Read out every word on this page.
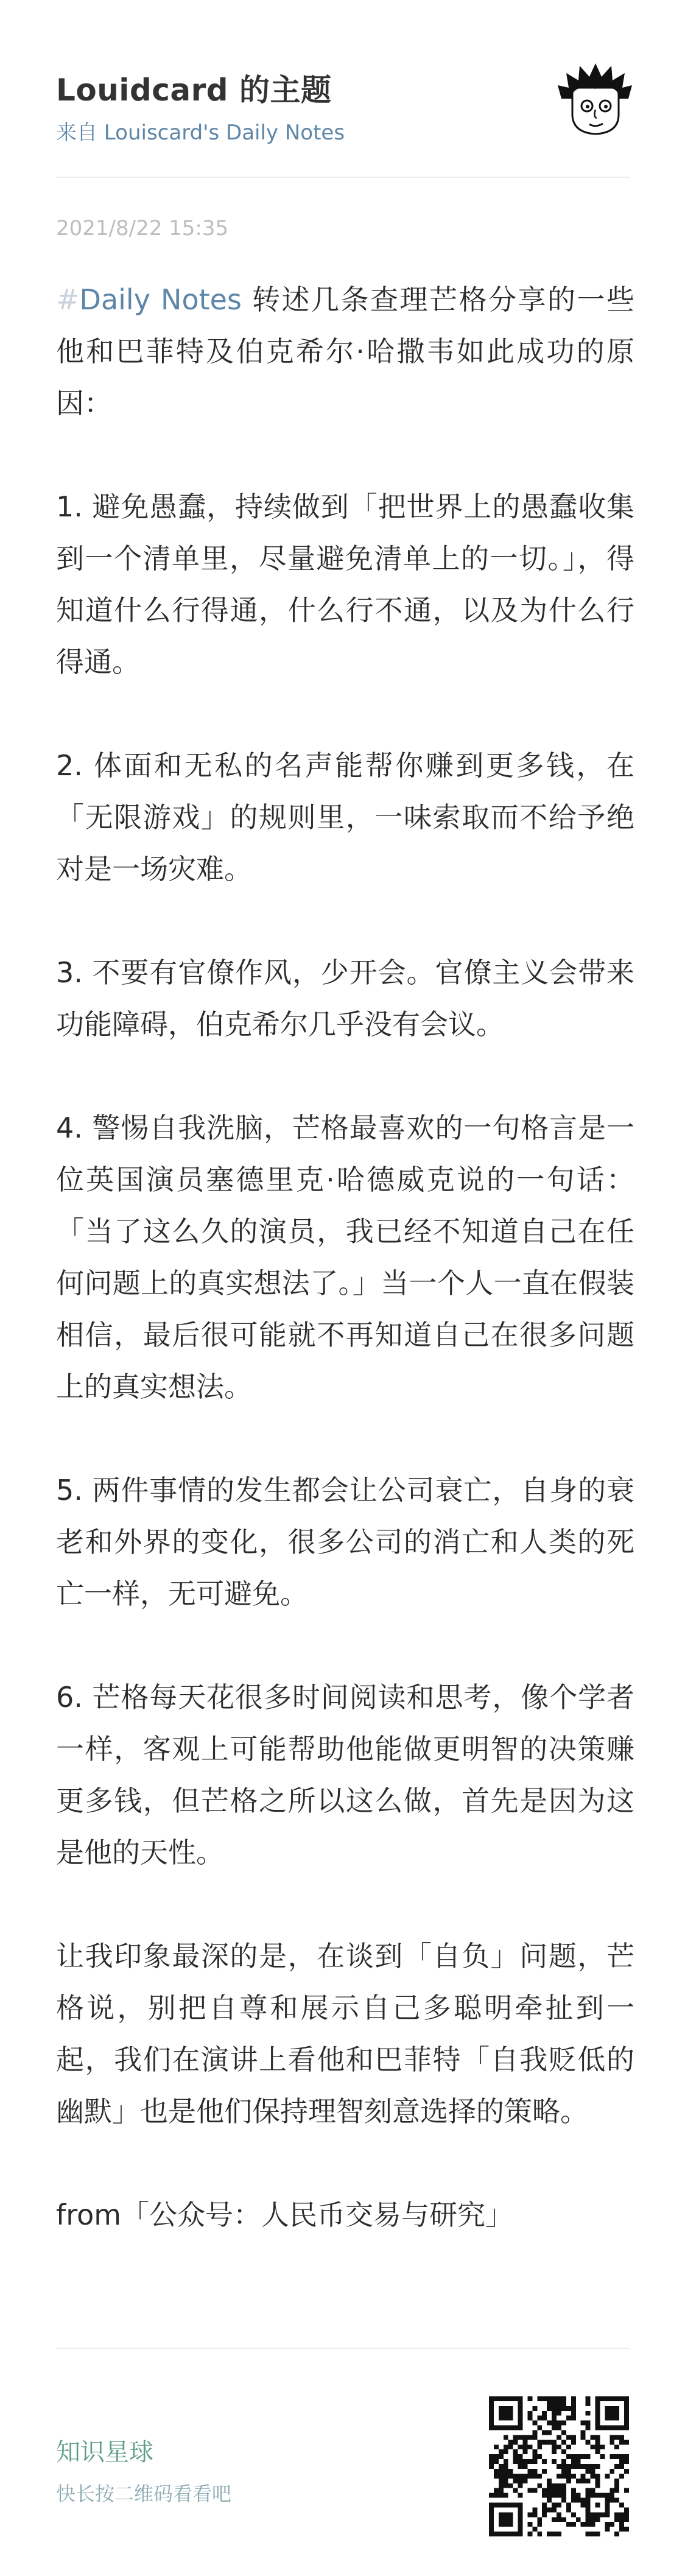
Louidcard 的主题
来自 Louiscard's Daily Notes
2021/8/22 15:35

#Daily Notes 转述几条查理芒格分享的一些他和巴菲特及伯克希尔·哈撒韦如此成功的原因：

1. 避免愚蠢，持续做到「把世界上的愚蠢收集到一个清单里，尽量避免清单上的一切。」，得知道什么行得通，什么行不通，以及为什么行得通。

2. 体面和无私的名声能帮你赚到更多钱，在「无限游戏」的规则里，一味索取而不给予绝对是一场灾难。

3. 不要有官僚作风，少开会。官僚主义会带来功能障碍，伯克希尔几乎没有会议。

4. 警惕自我洗脑，芒格最喜欢的一句格言是一位英国演员塞德里克·哈德威克说的一句话：「当了这么久的演员，我已经不知道自己在任何问题上的真实想法了。」当一个人一直在假装相信，最后很可能就不再知道自己在很多问题上的真实想法。

5. 两件事情的发生都会让公司衰亡，自身的衰老和外界的变化，很多公司的消亡和人类的死亡一样，无可避免。

6. 芒格每天花很多时间阅读和思考，像个学者一样，客观上可能帮助他能做更明智的决策赚更多钱，但芒格之所以这么做，首先是因为这是他的天性。

让我印象最深的是，在谈到「自负」问题，芒格说，别把自尊和展示自己多聪明牵扯到一起，我们在演讲上看他和巴菲特「自我贬低的幽默」也是他们保持理智刻意选择的策略。

from「公众号：人民币交易与研究」

知识星球
快长按二维码看看吧
